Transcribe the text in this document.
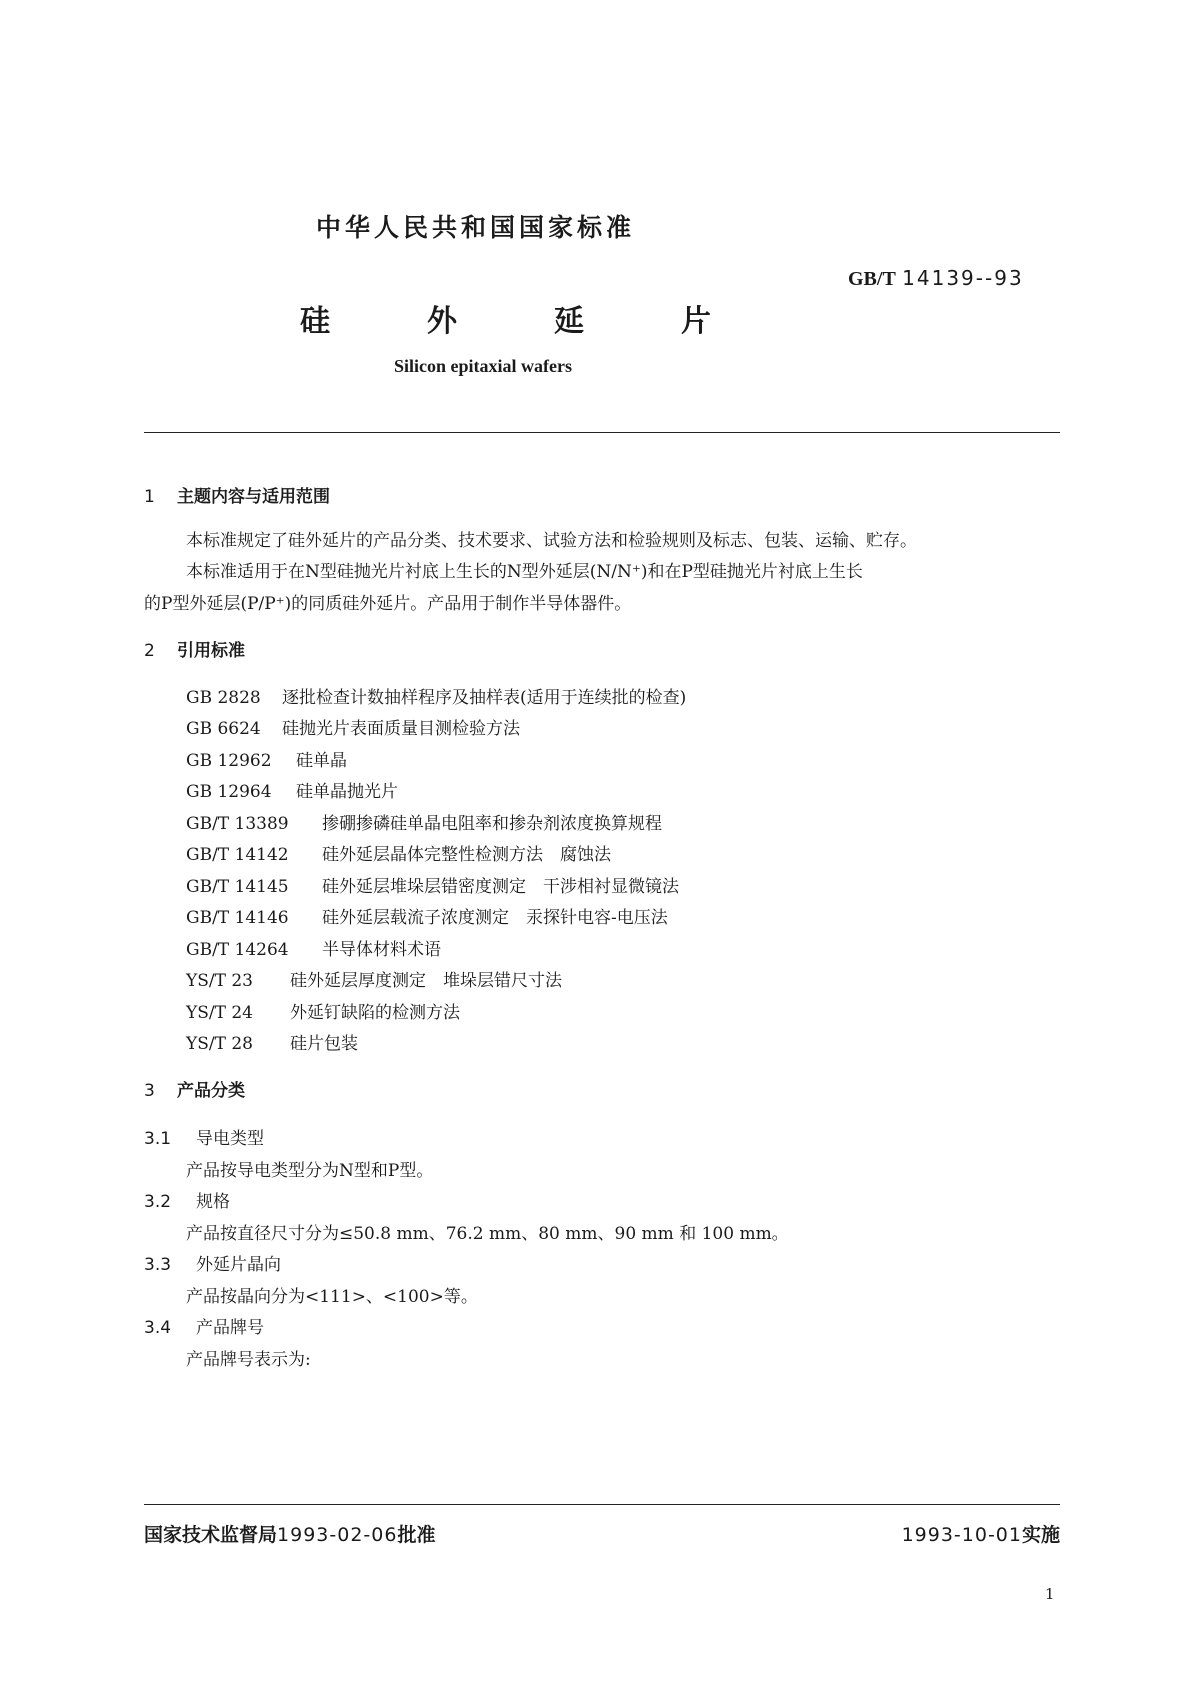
中华人民共和国国家标准
GB/T 14139--93
硅	外	延	片
Silicon epitaxial wafers
1 主题内容与适用范围
本标准规定了硅外延片的产品分类、技术要求、试验方法和检验规则及标志、包装、运输、贮存。
本标准适用于在N型硅抛光片衬底上生长的N型外延层(N/N⁺)和在P型硅抛光片衬底上生长
的P型外延层(P/P⁺)的同质硅外延片。产品用于制作半导体器件。
2 引用标准
GB 2828 逐批检查计数抽样程序及抽样表(适用于连续批的检查)
GB 6624 硅抛光片表面质量目测检验方法
GB 12962 硅单晶
GB 12964 硅单晶抛光片
GB/T 13389 掺硼掺磷硅单晶电阻率和掺杂剂浓度换算规程
GB/T 14142 硅外延层晶体完整性检测方法　腐蚀法
GB/T 14145 硅外延层堆垛层错密度测定　干涉相衬显微镜法
GB/T 14146 硅外延层载流子浓度测定　汞探针电容-电压法
GB/T 14264 半导体材料术语
YS/T 23 硅外延层厚度测定　堆垛层错尺寸法
YS/T 24 外延钉缺陷的检测方法
YS/T 28 硅片包装
3 产品分类
3.1 导电类型
产品按导电类型分为N型和P型。
3.2 规格
产品按直径尺寸分为≤50.8 mm、76.2 mm、80 mm、90 mm 和 100 mm。
3.3 外延片晶向
产品按晶向分为<111>、<100>等。
3.4 产品牌号
产品牌号表示为:
国家技术监督局1993-02-06批准	1993-10-01实施
1
